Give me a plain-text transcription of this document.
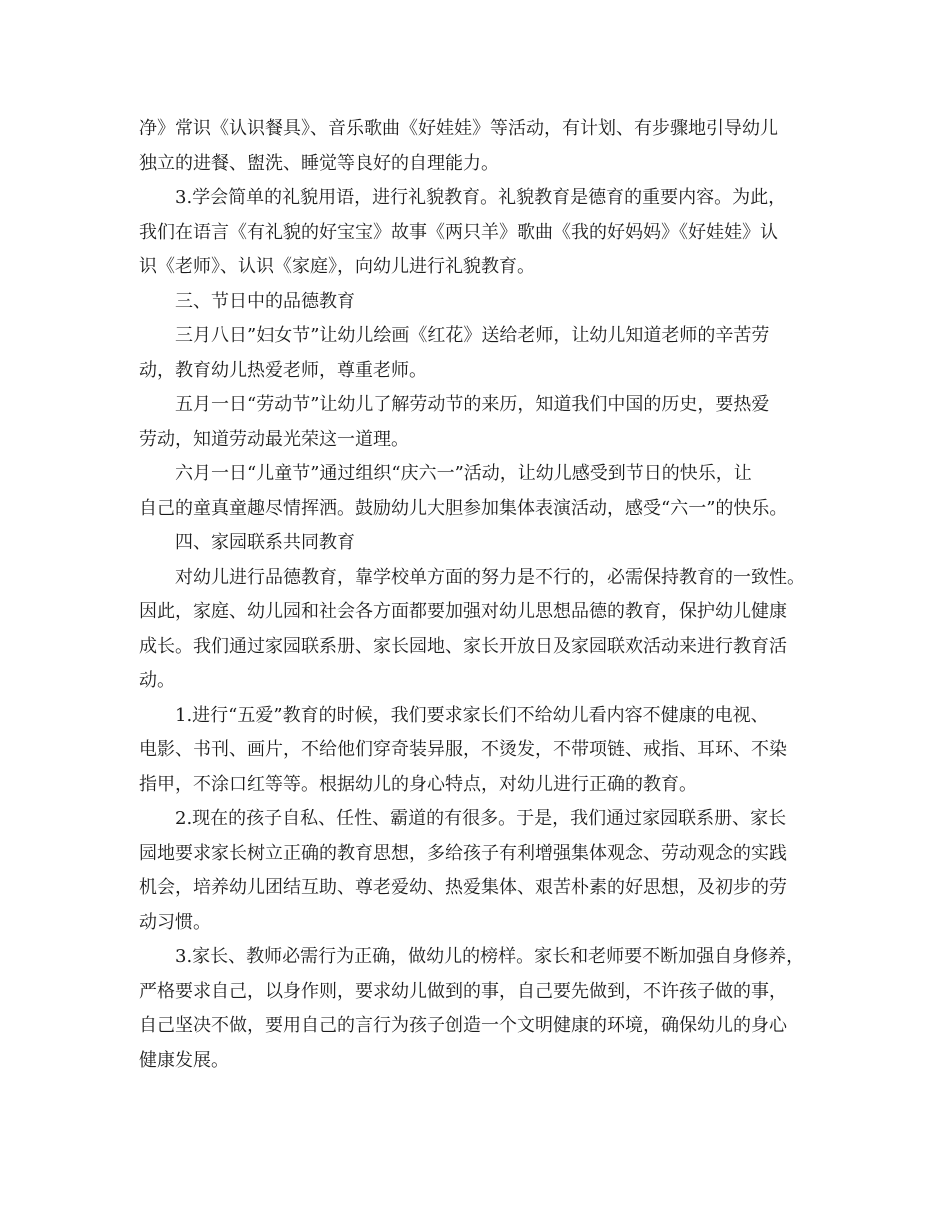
净》常识《认识餐具》、音乐歌曲《好娃娃》等活动，有计划、有步骤地引导幼儿
独立的进餐、盥洗、睡觉等良好的自理能力。
3.学会简单的礼貌用语，进行礼貌教育。礼貌教育是德育的重要内容。为此，
我们在语言《有礼貌的好宝宝》故事《两只羊》歌曲《我的好妈妈》《好娃娃》认
识《老师》、认识《家庭》，向幼儿进行礼貌教育。
三、节日中的品德教育
三月八日”妇女节”让幼儿绘画《红花》送给老师，让幼儿知道老师的辛苦劳
动，教育幼儿热爱老师，尊重老师。
五月一日“劳动节”让幼儿了解劳动节的来历，知道我们中国的历史，要热爱
劳动，知道劳动最光荣这一道理。
六月一日“儿童节”通过组织“庆六一”活动，让幼儿感受到节日的快乐，让
自己的童真童趣尽情挥洒。鼓励幼儿大胆参加集体表演活动，感受“六一”的快乐。
四、家园联系共同教育
对幼儿进行品德教育，靠学校单方面的努力是不行的，必需保持教育的一致性。
因此，家庭、幼儿园和社会各方面都要加强对幼儿思想品德的教育，保护幼儿健康
成长。我们通过家园联系册、家长园地、家长开放日及家园联欢活动来进行教育活
动。
1.进行“五爱”教育的时候，我们要求家长们不给幼儿看内容不健康的电视、
电影、书刊、画片，不给他们穿奇装异服，不烫发，不带项链、戒指、耳环、不染
指甲，不涂口红等等。根据幼儿的身心特点，对幼儿进行正确的教育。
2.现在的孩子自私、任性、霸道的有很多。于是，我们通过家园联系册、家长
园地要求家长树立正确的教育思想，多给孩子有利增强集体观念、劳动观念的实践
机会，培养幼儿团结互助、尊老爱幼、热爱集体、艰苦朴素的好思想，及初步的劳
动习惯。
3.家长、教师必需行为正确，做幼儿的榜样。家长和老师要不断加强自身修养，
严格要求自己，以身作则，要求幼儿做到的事，自己要先做到，不许孩子做的事，
自己坚决不做，要用自己的言行为孩子创造一个文明健康的环境，确保幼儿的身心
健康发展。
